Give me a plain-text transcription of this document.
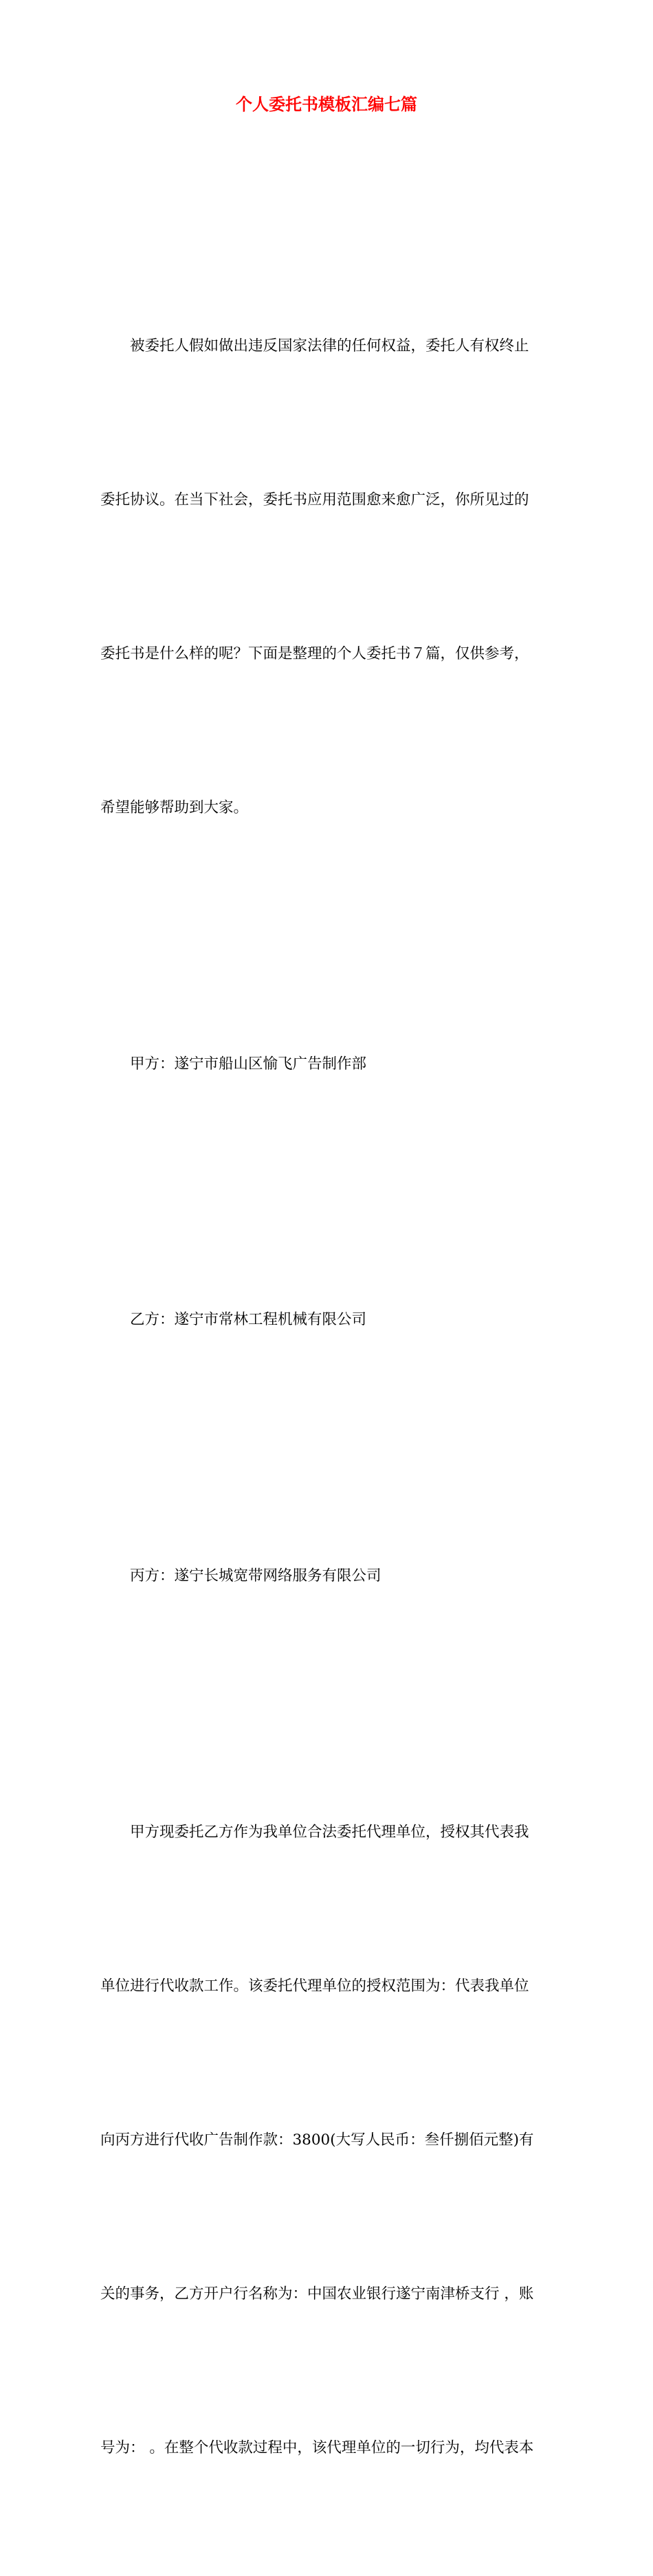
个人委托书模板汇编七篇

被委托人假如做出违反国家法律的任何权益，委托人有权终止

委托协议。在当下社会，委托书应用范围愈来愈广泛，你所见过的

委托书是什么样的呢？下面是整理的个人委托书７篇，仅供参考，

希望能够帮助到大家。

甲方：遂宁市船山区愉飞广告制作部

乙方：遂宁市常林工程机械有限公司

丙方：遂宁长城宽带网络服务有限公司

甲方现委托乙方作为我单位合法委托代理单位，授权其代表我

单位进行代收款工作。该委托代理单位的授权范围为：代表我单位

向丙方进行代收广告制作款：3800(大写人民币：叁仟捌佰元整)有

关的事务，乙方开户行名称为：中国农业银行遂宁南津桥支行 ，账

号为： 。在整个代收款过程中，该代理单位的一切行为，均代表本
